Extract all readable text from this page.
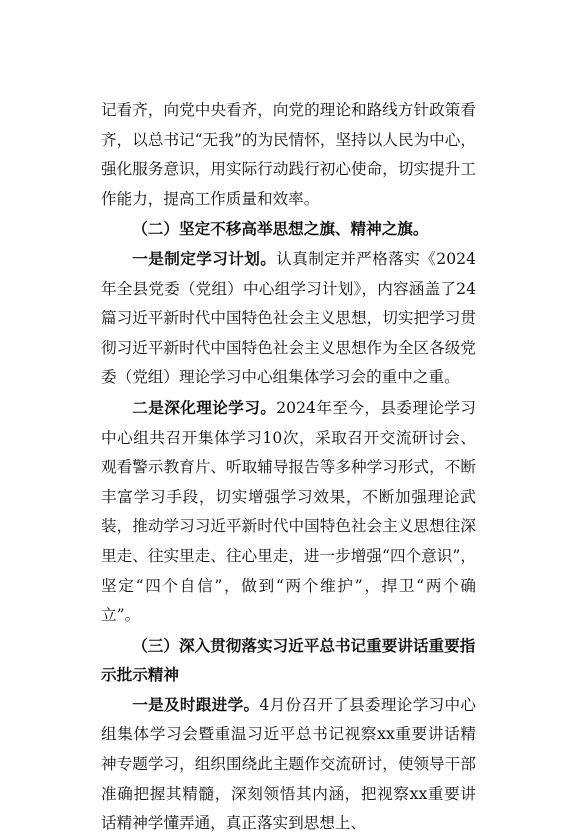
记看齐，向党中央看齐，向党的理论和路线方针政策看齐，以总书记“无我”的为民情怀，坚持以人民为中心，强化服务意识，用实际行动践行初心使命，切实提升工作能力，提高工作质量和效率。

（二）坚定不移高举思想之旗、精神之旗。

一是制定学习计划。认真制定并严格落实《2024年全县党委（党组）中心组学习计划》，内容涵盖了24篇习近平新时代中国特色社会主义思想，切实把学习贯彻习近平新时代中国特色社会主义思想作为全区各级党委（党组）理论学习中心组集体学习会的重中之重。

二是深化理论学习。2024年至今，县委理论学习中心组共召开集体学习10次，采取召开交流研讨会、观看警示教育片、听取辅导报告等多种学习形式，不断丰富学习手段，切实增强学习效果，不断加强理论武装，推动学习习近平新时代中国特色社会主义思想往深里走、往实里走、往心里走，进一步增强“四个意识”，坚定“四个自信”，做到“两个维护”，捍卫“两个确立”。

（三）深入贯彻落实习近平总书记重要讲话重要指示批示精神

一是及时跟进学。4月份召开了县委理论学习中心组集体学习会暨重温习近平总书记视察xx重要讲话精神专题学习，组织围绕此主题作交流研讨，使领导干部准确把握其精髓，深刻领悟其内涵，把视察xx重要讲话精神学懂弄通，真正落实到思想上、
